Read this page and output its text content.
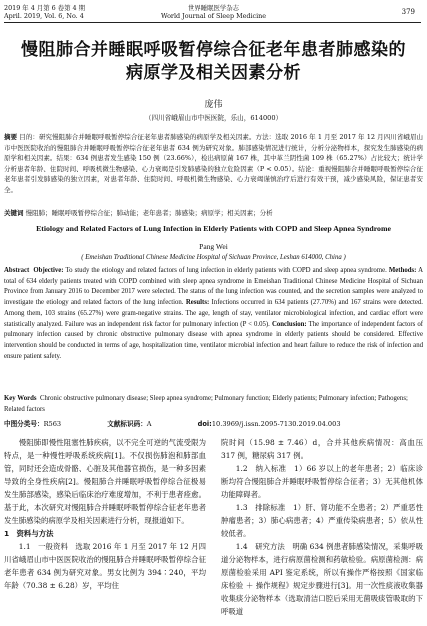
2019 年 4 月第 6 卷第 4 期
April. 2019, Vol. 6, No. 4
世界睡眠医学杂志
World Journal of Sleep Medicine	379
慢阻肺合并睡眠呼吸暂停综合征老年患者肺感染的
病原学及相关因素分析
庞伟
（四川省峨眉山市中医医院，乐山，614000）
摘要 目的：研究慢阻肺合并睡眠呼吸暂停综合征老年患者肺感染的病原学及相关因素。方法：选取 2016 年 1 月至 2017 年 12 月四川省峨眉山市中医医院收治的慢阻肺合并睡眠呼吸暂停综合征老年患者 634 例为研究对象。肺部感染情况进行统计，分析分泌物样本，探究发生肺感染的病原学和相关因素。结果：634 例患者发生感染 150 例（23.66%），检出病原菌 167 株，其中革兰阴性菌 109 株（65.27%）占比较大；统计学分析患者年龄、住院时间、呼吸机微生物感染、心力衰竭是引发肺感染的独立危险因素（P < 0.05）。结论：重视慢阻肺合并睡眠呼吸暂停综合征老年患者引发肺感染的独立因素，对患者年龄、住院时间、呼吸机微生物感染、心力衰竭谨慎治疗后进行有效干预，减少感染风险，保证患者安全。
关键词 慢阻肺；睡眠呼吸暂停综合征；肺动能；老年患者；肺感染；病原学；相关因素；分析
Etiology and Related Factors of Lung Infection in Elderly Patients with COPD and Sleep Apnea Syndrome
Pang Wei
( Emeishan Traditional Chinese Medicine Hospital of Sichuan Province, Leshan 614000, China )
Abstract Objective: To study the etiology and related factors of lung infection in elderly patients with COPD and sleep apnea syndrome. Methods: A total of 634 elderly patients treated with COPD combined with sleep apnea syndrome in Emeishan Traditional Chinese Medicine Hospital of Sichuan Province from January 2016 to December 2017 were selected. The status of the lung infection was counted, and the secretion samples were analyzed to investigate the etiology and related factors of the lung infection. Results: Infections occurred in 634 patients (27.70%) and 167 strains were detected. Among them, 103 strains (65.27%) were gram-negative strains. The age, length of stay, ventilator microbiological infection, and cardiac effort were statistically analyzed. Failure was an independent risk factor for pulmonary infection (P < 0.05). Conclusion: The importance of independent factors of pulmonary infection caused by chronic obstructive pulmonary disease with apnea syndrome in elderly patients should be considered. Effective intervention should be conducted in terms of age, hospitalization time, ventilator microbial infection and heart failure to reduce the risk of infection and ensure patient safety.
Key Words Chronic obstructive pulmonary disease; Sleep apnea syndrome; Pulmonary function; Elderly patients; Pulmonary infection; Pathogens; Related factors
中图分类号：R563	文献标识码：A	doi:10.3969/j.issn.2095-7130.2019.04.003

慢阻肺即慢性阻塞性肺疾病，以不完全可逆的气流受限为特点，是一种慢性呼吸系统疾病[1]。不仅损伤肺泡和肺部血管，同时还会造成骨骼、心脏及其他器官损伤，是一种多因素导致的全身性疾病[2]。慢阻肺合并睡眠呼吸暂停综合征极易发生肺部感染，感染后临床治疗难度增加，不利于患者痊愈。基于此，本次研究对慢阻肺合并睡眠呼吸暂停综合征老年患者发生肺感染的病原学及相关因素进行分析，现报道如下。

1　资料与方法

1.1　一般资料　选取 2016 年 1 月至 2017 年 12 月四川省峨眉山市中医医院收治的慢阻肺合并睡眠呼吸暂停综合征老年患者 634 例为研究对象。男女比例为 394∶240，平均年龄（70.38 ± 6.28）岁，平均住

院时间（15.98 ± 7.46）d，合并其他疾病情况：高血压 317 例，糖尿病 317 例。

1.2　纳入标准　1）66 岁以上的老年患者；2）临床诊断均符合慢阻肺合并睡眠呼吸暂停综合征者；3）无其他机体功能障碍者。

1.3　排除标准　1）肝、肾功能不全患者；2）严重恶性肿瘤患者；3）肺心病患者；4）严重传染病患者；5）依从性较低者。

1.4　研究方法　明确 634 例患者肺感染情况，采集呼吸道分泌物样本，进行病原菌检测和药敏检验。病原菌检测：病原菌检验采用 API 鉴定系统，所以有操作严格按照《国家临床检验 ＋ 操作规程》规定步骤进行[3]。用一次性痰液收集器收集痰分泌物样本（选取清洁口腔后采用无菌吸痰管吸取的下呼吸道
